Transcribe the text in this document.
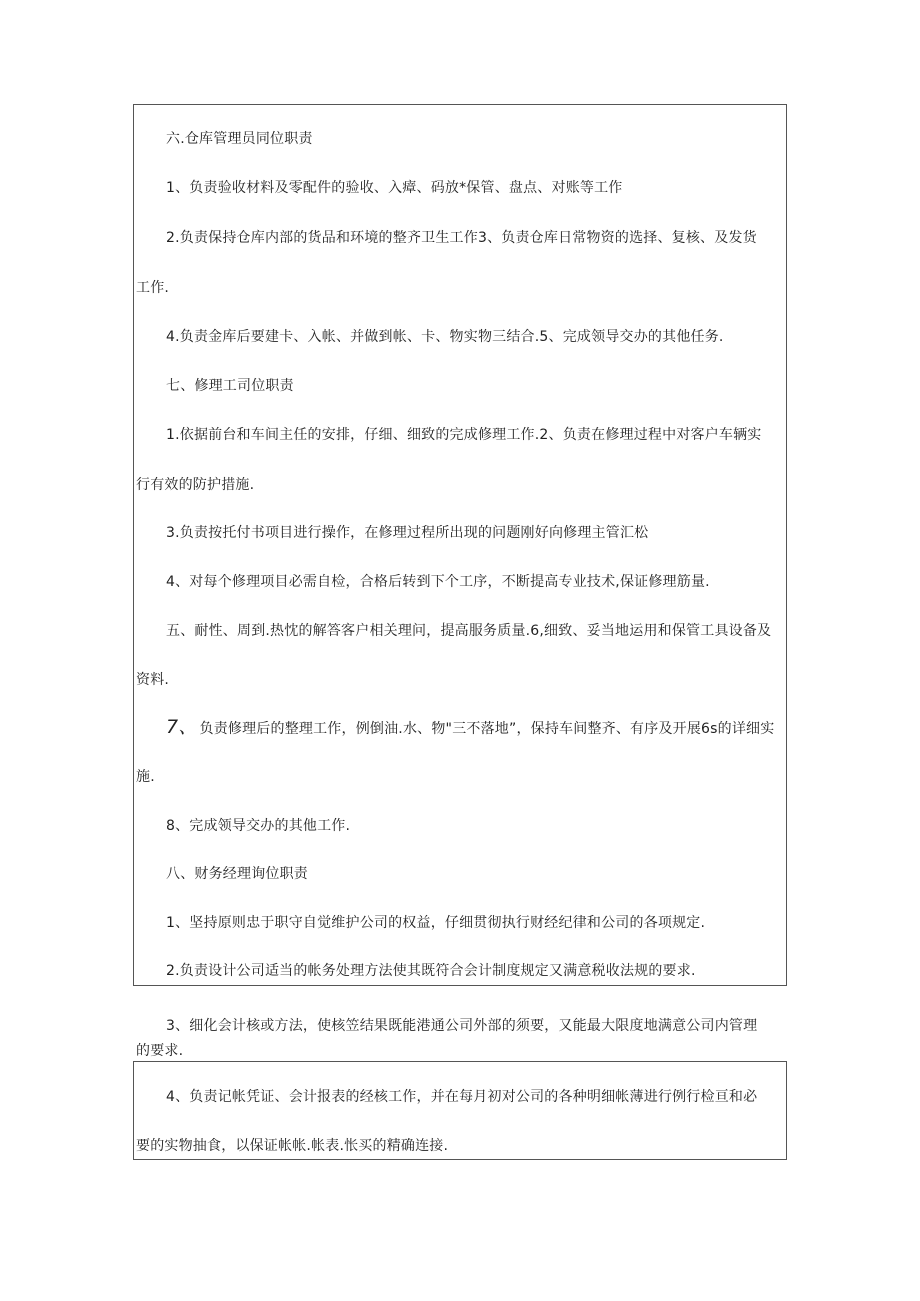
六.仓库管理员同位职责
1、负责验收材料及零配件的验收、入瘴、码放*保管、盘点、对账等工作
2.负责保持仓库内部的货品和环境的整齐卫生工作3、负责仓库日常物资的选择、复核、及发货
工作.
4.负责金库后要建卡、入帐、并做到帐、卡、物实物三结合.5、完成领导交办的其他任务.
七、修理工司位职责
1.依据前台和车间主任的安排，仔细、细致的完成修理工作.2、负责在修理过程中对客户车辆实
行有效的防护措施.
3.负责按托付书项目进行操作，在修理过程所出现的问题刚好向修理主管汇松
4、对每个修理项目必需自检，合格后转到下个工序，不断提高专业技术,保证修理筋量.
五、耐性、周到.热忱的解答客户相关理问，提高服务质量.6,细致、妥当地运用和保管工具设备及
资料.
7、 负责修理后的整理工作，例倒油.水、物"三不落地”，保持车间整齐、有序及开展6s的详细实
施.
8、完成领导交办的其他工作.
八、财务经理询位职责
1、坚持原则忠于职守自觉维护公司的权益，仔细贯彻执行财经纪律和公司的各项规定.
2.负责设计公司适当的帐务处理方法使其既符合会计制度规定又满意税收法规的要求.
3、细化会计核或方法，使核笠结果既能港通公司外部的须要，又能最大限度地满意公司内管理
的要求.
4、负责记帐凭证、会计报表的经核工作，并在每月初对公司的各种明细帐薄进行例行检亘和必
要的实物抽食，以保证帐帐.帐表.怅买的精确连接.
